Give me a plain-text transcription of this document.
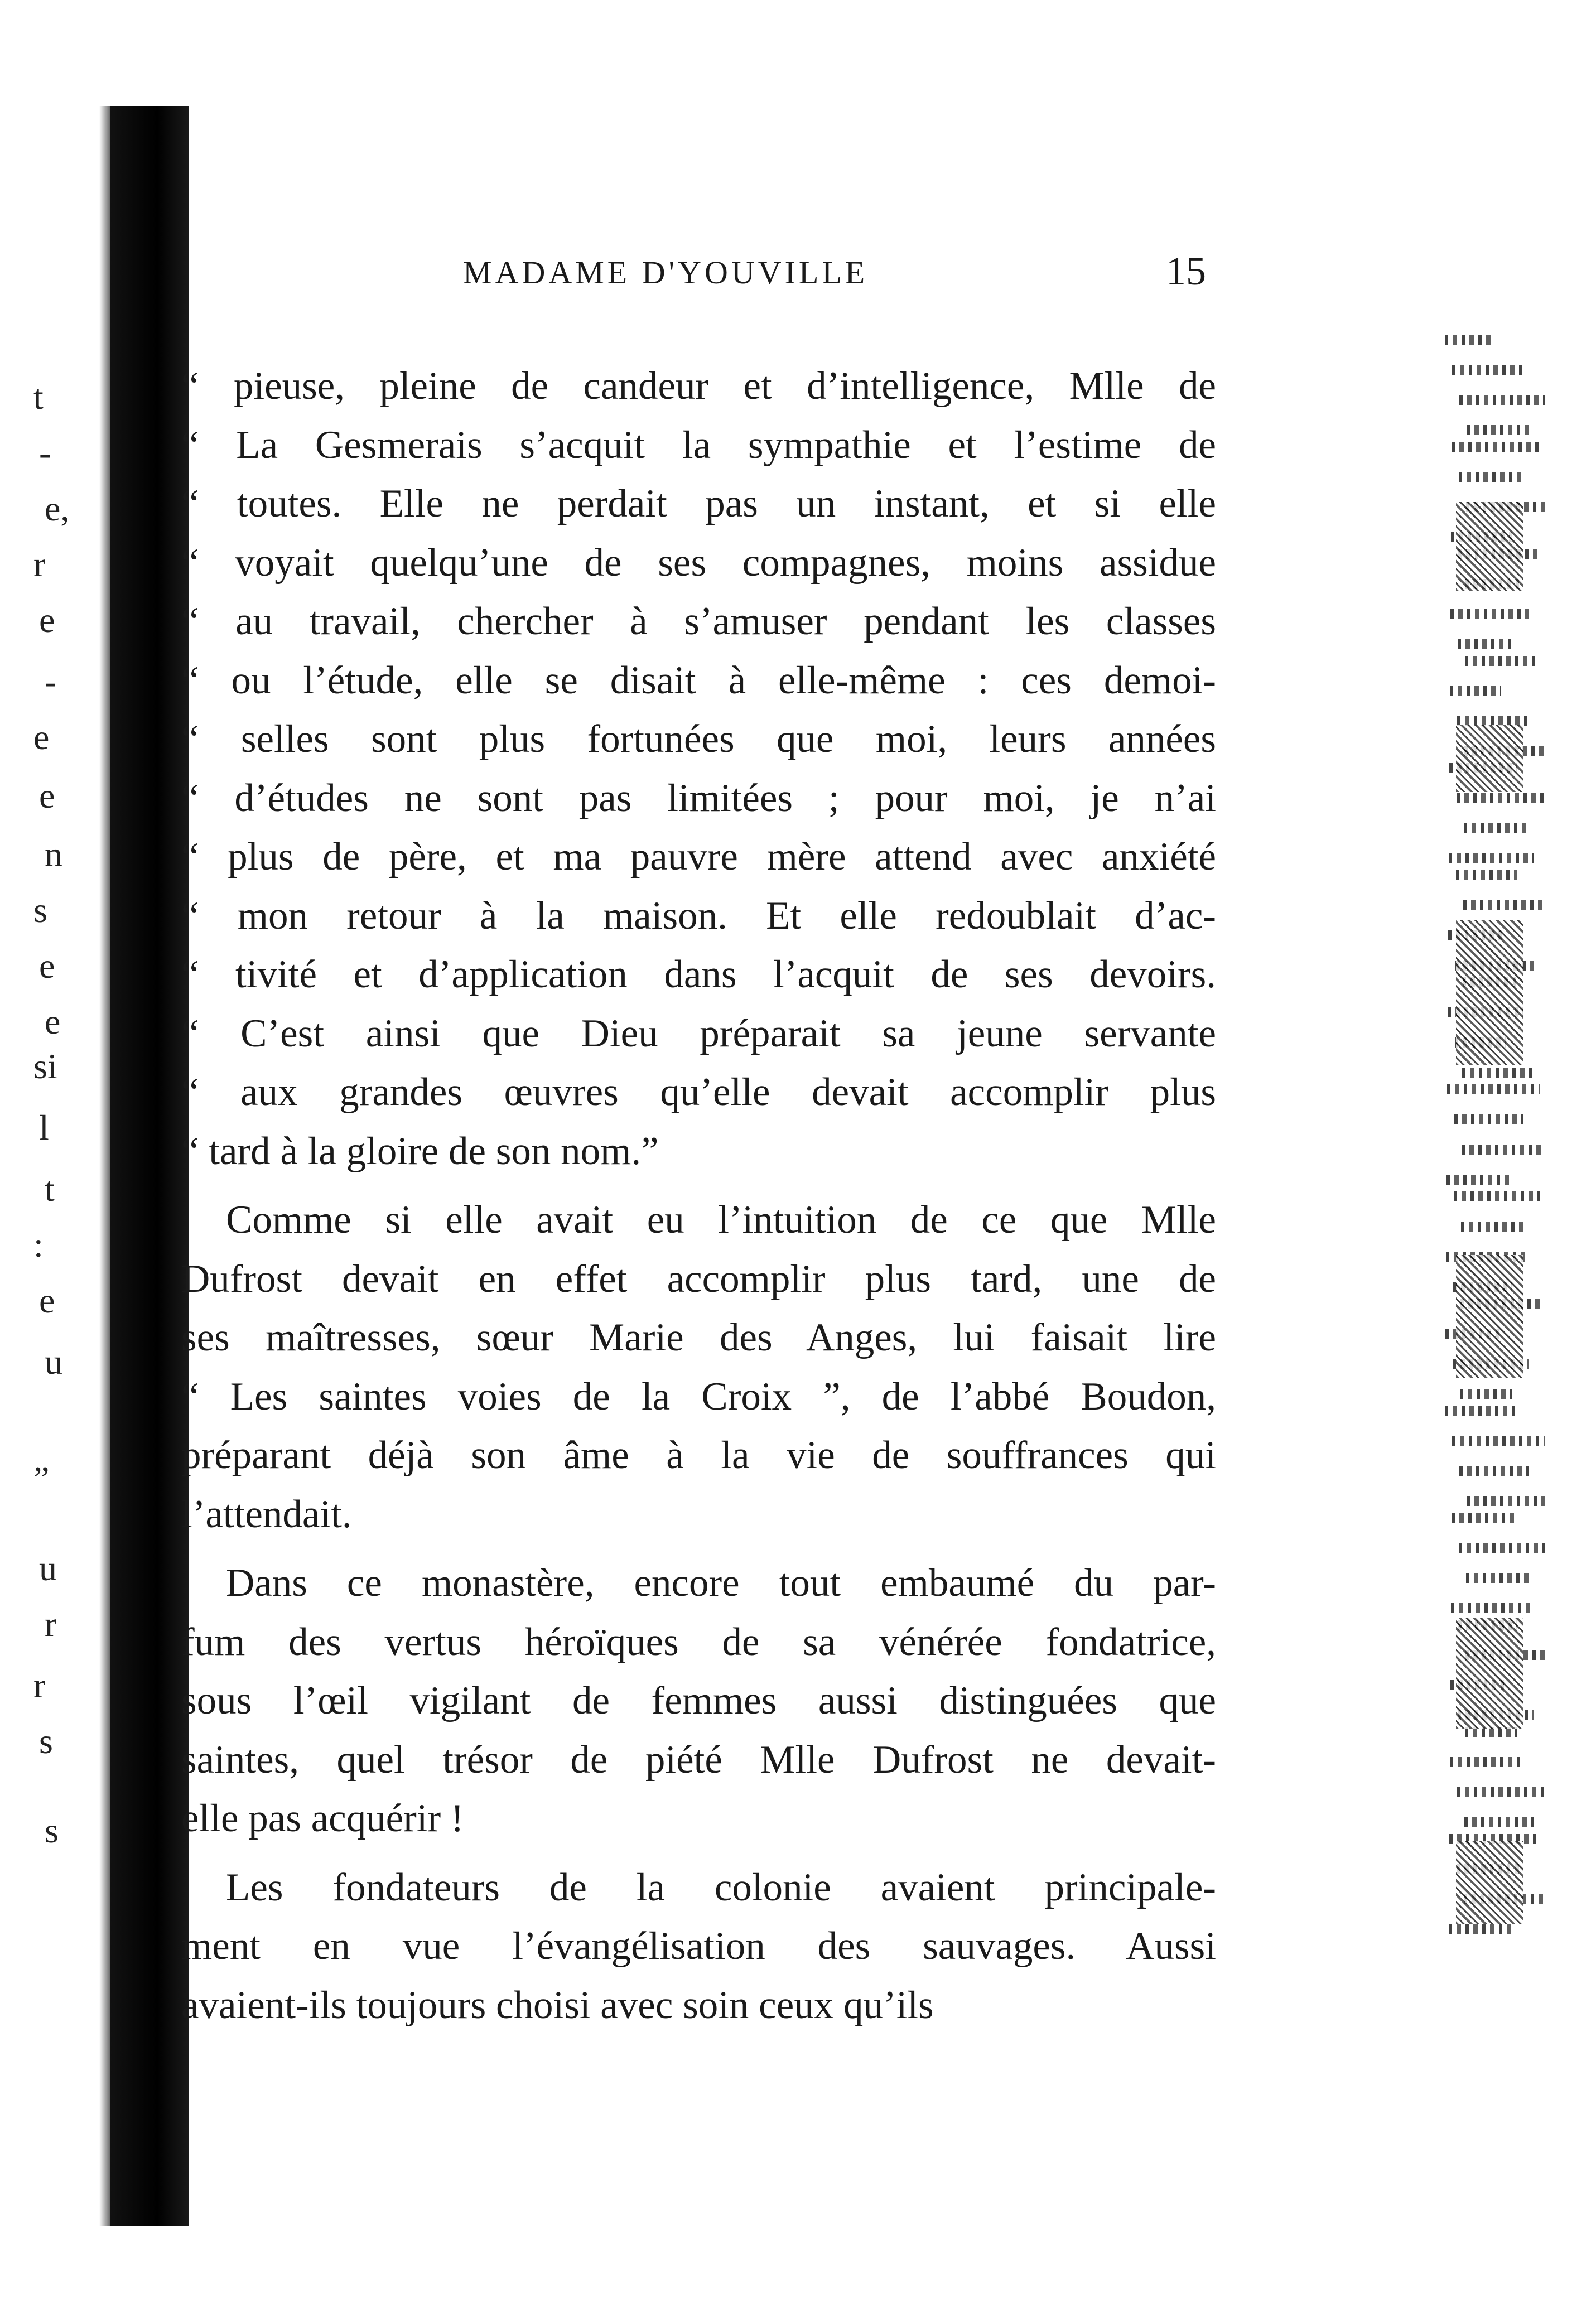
t
-
e,
r
e
-
e
e
n
s
e
e
si
l
t
:
e
u
”
u
r
r
s
s
MADAME D'YOUVILLE	15
“ pieuse, pleine de candeur et d’intelligence, Mlle de
“ La Gesmerais s’acquit la sympathie et l’estime de
“ toutes. Elle ne perdait pas un instant, et si elle
“ voyait quelqu’une de ses compagnes, moins assidue
“ au travail, chercher à s’amuser pendant les classes
“ ou l’étude, elle se disait à elle-même : ces demoi-
“ selles sont plus fortunées que moi, leurs années
“ d’études ne sont pas limitées ; pour moi, je n’ai
“ plus de père, et ma pauvre mère attend avec anxiété
“ mon retour à la maison. Et elle redoublait d’ac-
“ tivité et d’application dans l’acquit de ses devoirs.
“ C’est ainsi que Dieu préparait sa jeune servante
“ aux grandes œuvres qu’elle devait accomplir plus
“ tard à la gloire de son nom.”
Comme si elle avait eu l’intuition de ce que Mlle
Dufrost devait en effet accomplir plus tard, une de
ses maîtresses, sœur Marie des Anges, lui faisait lire
“ Les saintes voies de la Croix ”, de l’abbé Boudon,
préparant déjà son âme à la vie de souffrances qui
l’attendait.
Dans ce monastère, encore tout embaumé du par-
fum des vertus héroïques de sa vénérée fondatrice,
sous l’œil vigilant de femmes aussi distinguées que
saintes, quel trésor de piété Mlle Dufrost ne devait-
elle pas acquérir !
Les fondateurs de la colonie avaient principale-
ment en vue l’évangélisation des sauvages. Aussi
avaient-ils toujours choisi avec soin ceux qu’ils
